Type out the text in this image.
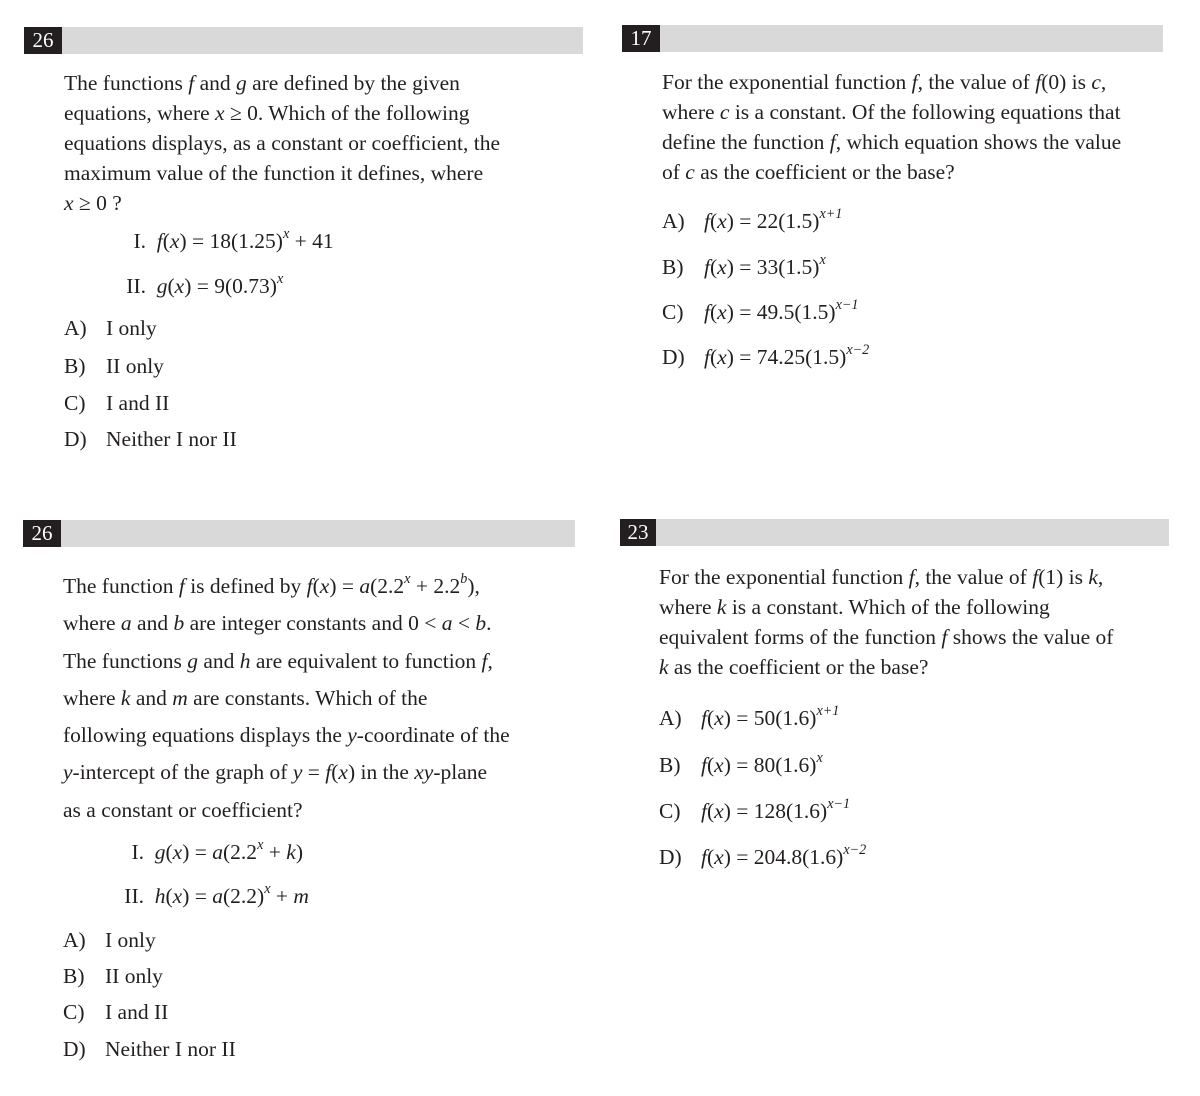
26
The functions f and g are defined by the given
equations, where x ≥ 0. Which of the following
equations displays, as a constant or coefficient, the
maximum value of the function it defines, where
x ≥ 0 ?
I. $f(x) = 18(1.25)^x + 41$
II. $g(x) = 9(0.73)^x$
A) I only
B) II only
C) I and II
D) Neither I nor II
17
For the exponential function f, the value of f(0) is c,
where c is a constant. Of the following equations that
define the function f, which equation shows the value
of c as the coefficient or the base?
A) $f(x) = 22(1.5)^{x+1}$
B) $f(x) = 33(1.5)^x$
C) $f(x) = 49.5(1.5)^{x-1}$
D) $f(x) = 74.25(1.5)^{x-2}$
26
The function f is defined by $f(x) = a(2.2^x + 2.2^b)$,
where a and b are integer constants and 0 < a < b.
The functions g and h are equivalent to function f,
where k and m are constants. Which of the
following equations displays the y-coordinate of the
y-intercept of the graph of y = f(x) in the xy-plane
as a constant or coefficient?
I. $g(x) = a(2.2^x + k)$
II. $h(x) = a(2.2)^x + m$
A) I only
B) II only
C) I and II
D) Neither I nor II
23
For the exponential function f, the value of f(1) is k,
where k is a constant. Which of the following
equivalent forms of the function f shows the value of
k as the coefficient or the base?
A) $f(x) = 50(1.6)^{x+1}$
B) $f(x) = 80(1.6)^x$
C) $f(x) = 128(1.6)^{x-1}$
D) $f(x) = 204.8(1.6)^{x-2}$
